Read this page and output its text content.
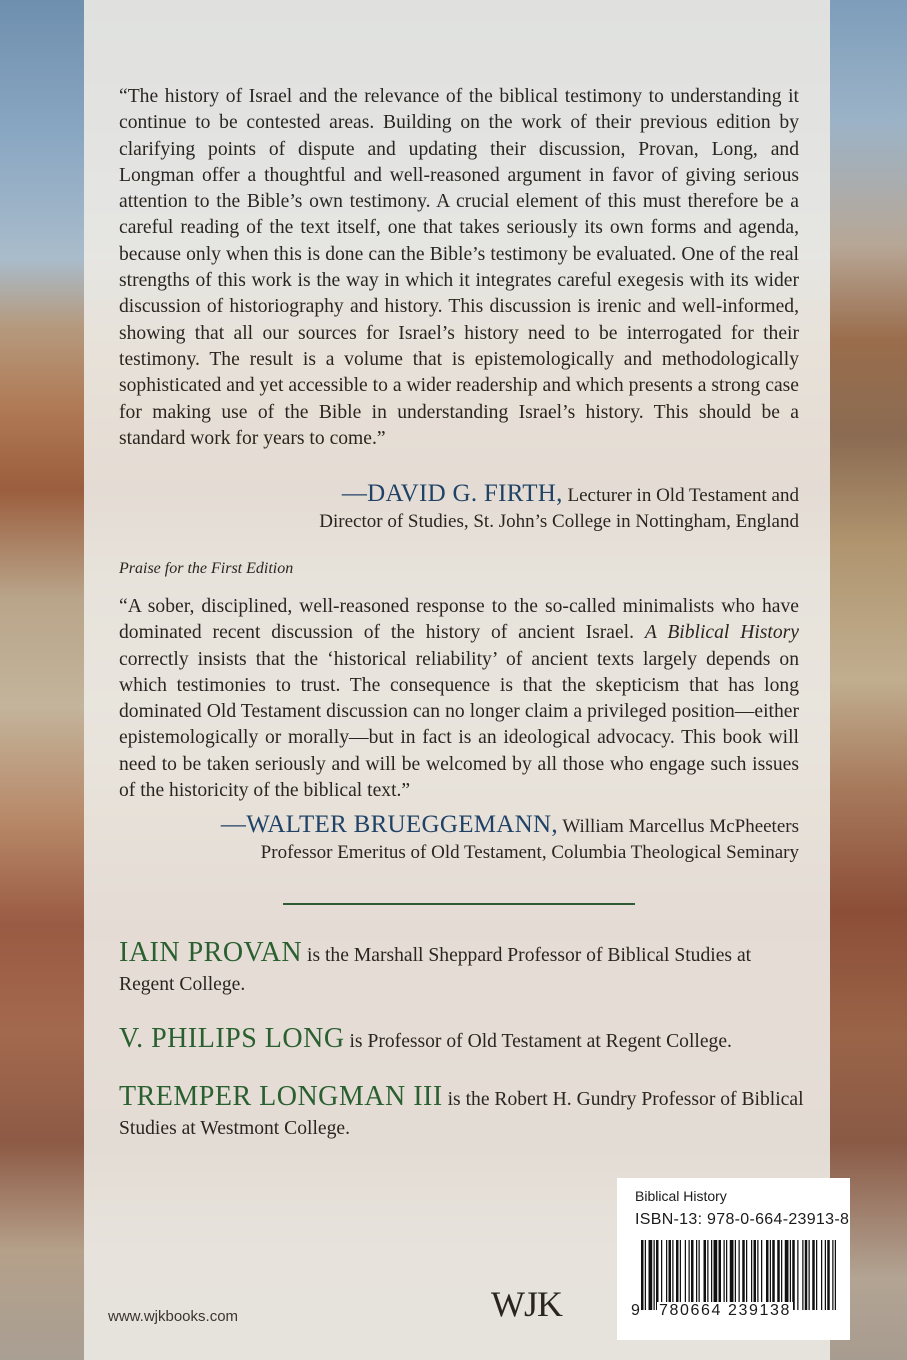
“The history of Israel and the relevance of the biblical testimony to understanding it continue to be contested areas. Building on the work of their previous edition by clarifying points of dispute and updating their discussion, Provan, Long, and Longman offer a thoughtful and well-reasoned argument in favor of giving serious attention to the Bible’s own testimony. A crucial element of this must therefore be a careful reading of the text itself, one that takes seriously its own forms and agenda, because only when this is done can the Bible’s testimony be evaluated. One of the real strengths of this work is the way in which it integrates careful exegesis with its wider discussion of historiography and history. This discussion is irenic and well-informed, showing that all our sources for Israel’s history need to be interrogated for their testimony. The result is a volume that is epistemologically and methodologically sophisticated and yet accessible to a wider readership and which presents a strong case for making use of the Bible in understanding Israel’s history. This should be a standard work for years to come.”

—DAVID G. FIRTH, Lecturer in Old Testament and
Director of Studies, St. John’s College in Nottingham, England
Praise for the First Edition

“A sober, disciplined, well-reasoned response to the so-called minimalists who have dominated recent discussion of the history of ancient Israel. A Biblical History correctly insists that the ‘historical reliability’ of ancient texts largely depends on which testimonies to trust. The consequence is that the skepticism that has long dominated Old Testament discussion can no longer claim a privileged position—either epistemologically or morally—but in fact is an ideological advocacy. This book will need to be taken seriously and will be welcomed by all those who engage such issues of the historicity of the biblical text.”

—WALTER BRUEGGEMANN, William Marcellus McPheeters
Professor Emeritus of Old Testament, Columbia Theological Seminary

IAIN PROVAN is the Marshall Sheppard Professor of Biblical Studies at Regent College.

V. PHILIPS LONG is Professor of Old Testament at Regent College.

TREMPER LONGMAN III is the Robert H. Gundry Professor of Biblical Studies at Westmont College.

www.wjkbooks.com	WJK
Biblical History
ISBN-13: 978-0-664-23913-8
9 780664 239138
